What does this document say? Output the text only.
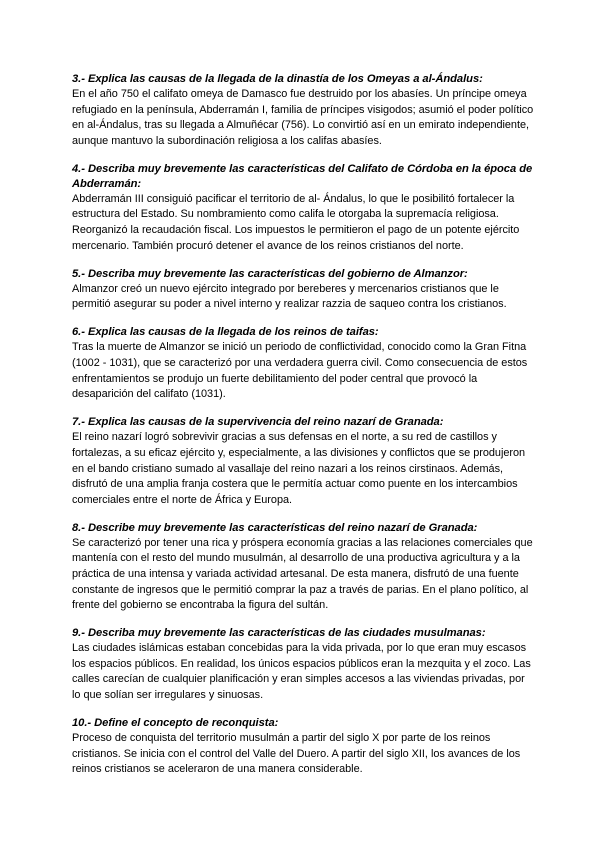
3.- Explica las causas de la llegada de la dinastía de los Omeyas a al-Ándalus:

En el año 750 el califato omeya de Damasco fue destruido por los abasíes. Un príncipe omeya refugiado en la península, Abderramán I, familia de príncipes visigodos; asumió el poder político en al-Ándalus, tras su llegada a Almuñécar (756). Lo convirtió así en un emirato independiente, aunque mantuvo la subordinación religiosa a los califas abasíes.

4.- Describa muy brevemente las características del Califato de Córdoba en la época de Abderramán:

Abderramán III consiguió pacificar el territorio de al- Ándalus, lo que le posibilitó fortalecer la estructura del Estado. Su nombramiento como califa le otorgaba la supremacía religiosa. Reorganizó la recaudación fiscal. Los impuestos le permitieron el pago de un potente ejército mercenario. También procuró detener el avance de los reinos cristianos del norte.

5.- Describa muy brevemente las características del gobierno de Almanzor:

Almanzor creó un nuevo ejército integrado por bereberes y mercenarios cristianos que le permitió asegurar su poder a nivel interno y realizar razzia de saqueo contra los cristianos.

6.- Explica las causas de la llegada de los reinos de taifas:

Tras la muerte de Almanzor se inició un periodo de conflictividad, conocido como la Gran Fitna (1002 - 1031), que se caracterizó por una verdadera guerra civil. Como consecuencia de estos enfrentamientos se produjo un fuerte debilitamiento del poder central que provocó la desaparición del califato (1031).

7.- Explica las causas de la supervivencia del reino nazarí de Granada:

El reino nazarí logró sobrevivir gracias a sus defensas en el norte, a su red de castillos y fortalezas, a su eficaz ejército y, especialmente, a las divisiones y conflictos que se produjeron en el bando cristiano sumado al vasallaje del reino nazari a los reinos cirstinaos. Además, disfrutó de una amplia franja costera que le permitía actuar como puente en los intercambios comerciales entre el norte de África y Europa.

8.- Describe muy brevemente las características del reino nazarí de Granada:

Se caracterizó por tener una rica y próspera economía gracias a las relaciones comerciales que mantenía con el resto del mundo musulmán, al desarrollo de una productiva agricultura y a la práctica de una intensa y variada actividad artesanal. De esta manera, disfrutó de una fuente constante de ingresos que le permitió comprar la paz a través de parias. En el plano político, al frente del gobierno se encontraba la figura del sultán.

9.- Describa muy brevemente las características de las ciudades musulmanas:

Las ciudades islámicas estaban concebidas para la vida privada, por lo que eran muy escasos los espacios públicos. En realidad, los únicos espacios públicos eran la mezquita y el zoco. Las calles carecían de cualquier planificación y eran simples accesos a las viviendas privadas, por lo que solían ser irregulares y sinuosas.

10.- Define el concepto de reconquista:

Proceso de conquista del territorio musulmán a partir del siglo X por parte de los reinos cristianos. Se inicia con el control del Valle del Duero. A partir del siglo XII, los avances de los reinos cristianos se aceleraron de una manera considerable.
